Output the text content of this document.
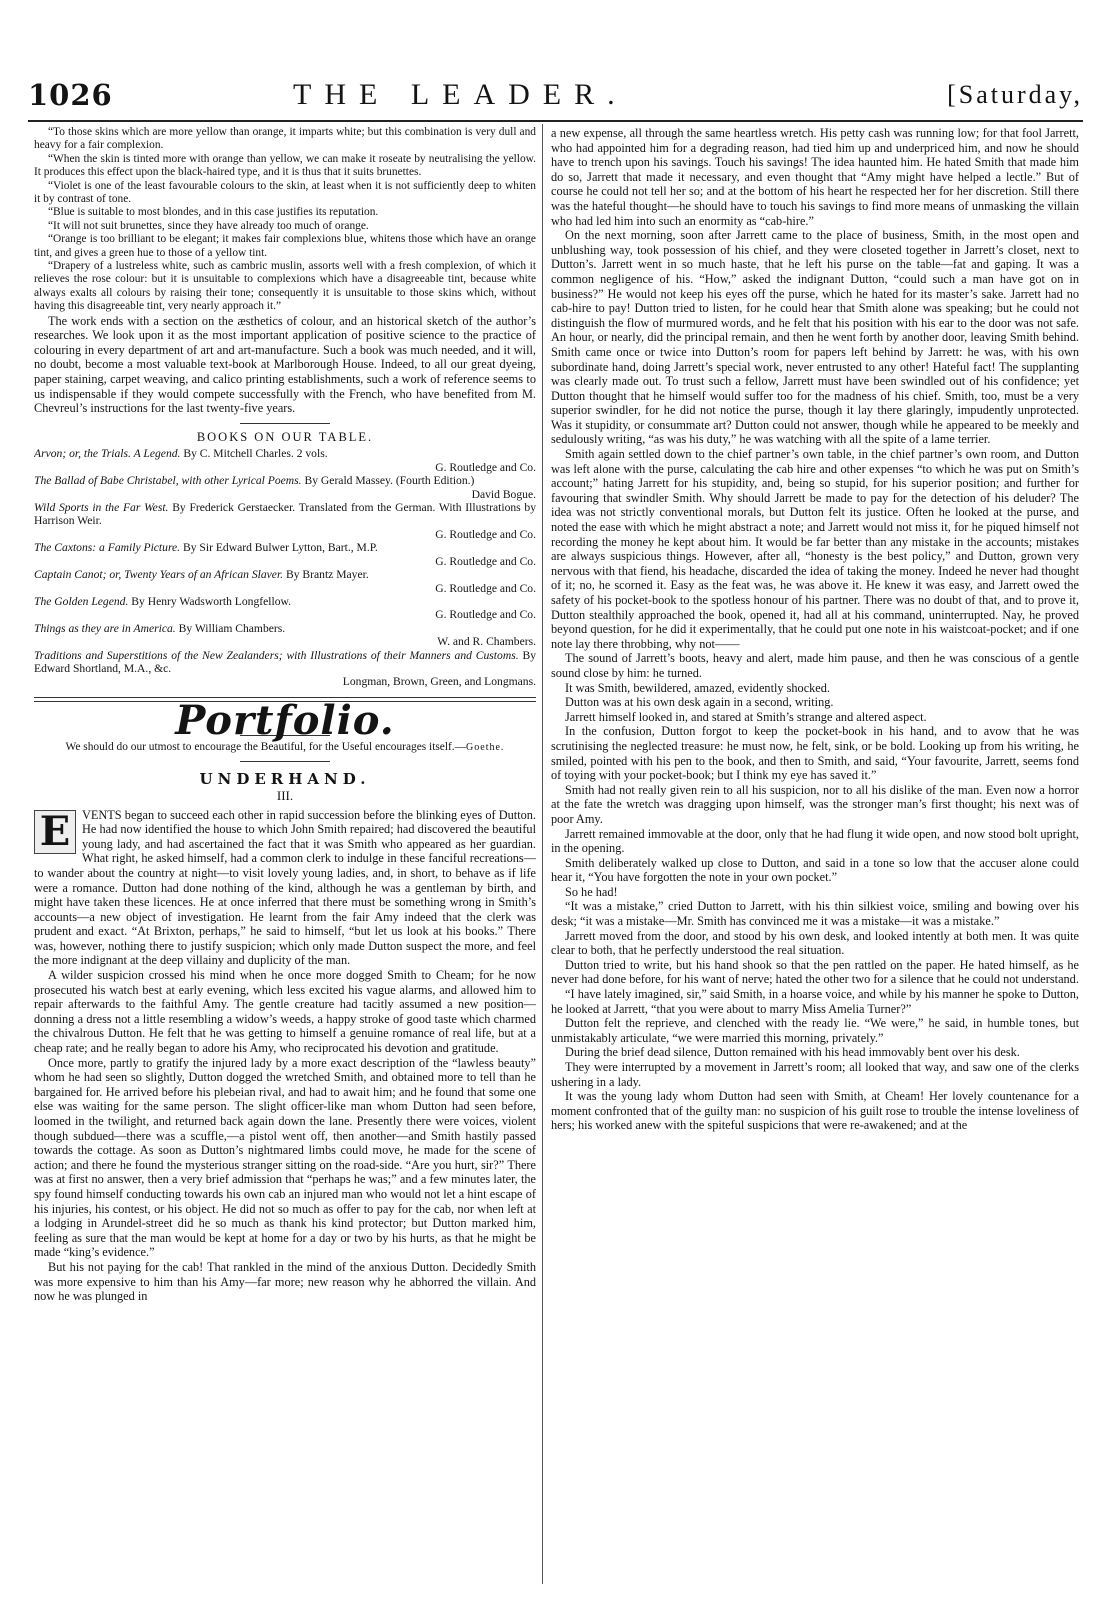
1026	THE LEADER.	[Saturday,

“To those skins which are more yellow than orange, it imparts white; but this combination is very dull and heavy for a fair complexion.

“When the skin is tinted more with orange than yellow, we can make it roseate by neutralising the yellow. It produces this effect upon the black-haired type, and it is thus that it suits brunettes.

“Violet is one of the least favourable colours to the skin, at least when it is not sufficiently deep to whiten it by contrast of tone.

“Blue is suitable to most blondes, and in this case justifies its reputation.

“It will not suit brunettes, since they have already too much of orange.

“Orange is too brilliant to be elegant; it makes fair complexions blue, whitens those which have an orange tint, and gives a green hue to those of a yellow tint.

“Drapery of a lustreless white, such as cambric muslin, assorts well with a fresh complexion, of which it relieves the rose colour: but it is unsuitable to complexions which have a disagreeable tint, because white always exalts all colours by raising their tone; consequently it is unsuitable to those skins which, without having this disagreeable tint, very nearly approach it.”

The work ends with a section on the æsthetics of colour, and an historical sketch of the author’s researches. We look upon it as the most important application of positive science to the practice of colouring in every department of art and art-manufacture. Such a book was much needed, and it will, no doubt, become a most valuable text-book at Marlborough House. Indeed, to all our great dyeing, paper staining, carpet weaving, and calico printing establishments, such a work of reference seems to us indispensable if they would compete successfully with the French, who have benefited from M. Chevreul’s instructions for the last twenty-five years.

BOOKS ON OUR TABLE.

Arvon; or, the Trials. A Legend. By C. Mitchell Charles. 2 vols.
G. Routledge and Co.

The Ballad of Babe Christabel, with other Lyrical Poems. By Gerald Massey. (Fourth Edition.)
David Bogue.

Wild Sports in the Far West. By Frederick Gerstaecker. Translated from the German. With Illustrations by Harrison Weir.
G. Routledge and Co.

The Caxtons: a Family Picture. By Sir Edward Bulwer Lytton, Bart., M.P.
G. Routledge and Co.

Captain Canot; or, Twenty Years of an African Slaver. By Brantz Mayer.
G. Routledge and Co.

The Golden Legend. By Henry Wadsworth Longfellow.
G. Routledge and Co.

Things as they are in America. By William Chambers.
W. and R. Chambers.

Traditions and Superstitions of the New Zealanders; with Illustrations of their Manners and Customs. By Edward Shortland, M.A., &c.
Longman, Brown, Green, and Longmans.

Portfolio.
We should do our utmost to encourage the Beautiful, for the Useful encourages itself.—Goethe.
UNDERHAND.
III.

E VENTS began to succeed each other in rapid succession before the blinking eyes of Dutton. He had now identified the house to which John Smith repaired; had discovered the beautiful young lady, and had ascertained the fact that it was Smith who appeared as her guardian. What right, he asked himself, had a common clerk to indulge in these fanciful recreations—to wander about the country at night—to visit lovely young ladies, and, in short, to behave as if life were a romance. Dutton had done nothing of the kind, although he was a gentleman by birth, and might have taken these licences. He at once inferred that there must be something wrong in Smith’s accounts—a new object of investigation. He learnt from the fair Amy indeed that the clerk was prudent and exact. “At Brixton, perhaps,” he said to himself, “but let us look at his books.” There was, however, nothing there to justify suspicion; which only made Dutton suspect the more, and feel the more indignant at the deep villainy and duplicity of the man.

A wilder suspicion crossed his mind when he once more dogged Smith to Cheam; for he now prosecuted his watch best at early evening, which less excited his vague alarms, and allowed him to repair afterwards to the faithful Amy. The gentle creature had tacitly assumed a new position—donning a dress not a little resembling a widow’s weeds, a happy stroke of good taste which charmed the chivalrous Dutton. He felt that he was getting to himself a genuine romance of real life, but at a cheap rate; and he really began to adore his Amy, who reciprocated his devotion and gratitude.

Once more, partly to gratify the injured lady by a more exact description of the “lawless beauty” whom he had seen so slightly, Dutton dogged the wretched Smith, and obtained more to tell than he bargained for. He arrived before his plebeian rival, and had to await him; and he found that some one else was waiting for the same person. The slight officer-like man whom Dutton had seen before, loomed in the twilight, and returned back again down the lane. Presently there were voices, violent though subdued—there was a scuffle,—a pistol went off, then another—and Smith hastily passed towards the cottage. As soon as Dutton’s nightmared limbs could move, he made for the scene of action; and there he found the mysterious stranger sitting on the road-side. “Are you hurt, sir?” There was at first no answer, then a very brief admission that “perhaps he was;” and a few minutes later, the spy found himself conducting towards his own cab an injured man who would not let a hint escape of his injuries, his contest, or his object. He did not so much as offer to pay for the cab, nor when left at a lodging in Arundel-street did he so much as thank his kind protector; but Dutton marked him, feeling as sure that the man would be kept at home for a day or two by his hurts, as that he might be made “king’s evidence.”

But his not paying for the cab! That rankled in the mind of the anxious Dutton. Decidedly Smith was more expensive to him than his Amy—far more; new reason why he abhorred the villain. And now he was plunged in

a new expense, all through the same heartless wretch. His petty cash was running low; for that fool Jarrett, who had appointed him for a degrading reason, had tied him up and underpriced him, and now he should have to trench upon his savings. Touch his savings! The idea haunted him. He hated Smith that made him do so, Jarrett that made it necessary, and even thought that “Amy might have helped a lectle.” But of course he could not tell her so; and at the bottom of his heart he respected her for her discretion. Still there was the hateful thought—he should have to touch his savings to find more means of unmasking the villain who had led him into such an enormity as “cab-hire.”

On the next morning, soon after Jarrett came to the place of business, Smith, in the most open and unblushing way, took possession of his chief, and they were closeted together in Jarrett’s closet, next to Dutton’s. Jarrett went in so much haste, that he left his purse on the table—fat and gaping. It was a common negligence of his. “How,” asked the indignant Dutton, “could such a man have got on in business?” He would not keep his eyes off the purse, which he hated for its master’s sake. Jarrett had no cab-hire to pay! Dutton tried to listen, for he could hear that Smith alone was speaking; but he could not distinguish the flow of murmured words, and he felt that his position with his ear to the door was not safe. An hour, or nearly, did the principal remain, and then he went forth by another door, leaving Smith behind. Smith came once or twice into Dutton’s room for papers left behind by Jarrett: he was, with his own subordinate hand, doing Jarrett’s special work, never entrusted to any other! Hateful fact! The supplanting was clearly made out. To trust such a fellow, Jarrett must have been swindled out of his confidence; yet Dutton thought that he himself would suffer too for the madness of his chief. Smith, too, must be a very superior swindler, for he did not notice the purse, though it lay there glaringly, impudently unprotected. Was it stupidity, or consummate art? Dutton could not answer, though while he appeared to be meekly and sedulously writing, “as was his duty,” he was watching with all the spite of a lame terrier.

Smith again settled down to the chief partner’s own table, in the chief partner’s own room, and Dutton was left alone with the purse, calculating the cab hire and other expenses “to which he was put on Smith’s account;” hating Jarrett for his stupidity, and, being so stupid, for his superior position; and further for favouring that swindler Smith. Why should Jarrett be made to pay for the detection of his deluder? The idea was not strictly conventional morals, but Dutton felt its justice. Often he looked at the purse, and noted the ease with which he might abstract a note; and Jarrett would not miss it, for he piqued himself not recording the money he kept about him. It would be far better than any mistake in the accounts; mistakes are always suspicious things. However, after all, “honesty is the best policy,” and Dutton, grown very nervous with that fiend, his headache, discarded the idea of taking the money. Indeed he never had thought of it; no, he scorned it. Easy as the feat was, he was above it. He knew it was easy, and Jarrett owed the safety of his pocket-book to the spotless honour of his partner. There was no doubt of that, and to prove it, Dutton stealthily approached the book, opened it, had all at his command, uninterrupted. Nay, he proved beyond question, for he did it experimentally, that he could put one note in his waistcoat-pocket; and if one note lay there throbbing, why not——

The sound of Jarrett’s boots, heavy and alert, made him pause, and then he was conscious of a gentle sound close by him: he turned.

It was Smith, bewildered, amazed, evidently shocked.

Dutton was at his own desk again in a second, writing.

Jarrett himself looked in, and stared at Smith’s strange and altered aspect.

In the confusion, Dutton forgot to keep the pocket-book in his hand, and to avow that he was scrutinising the neglected treasure: he must now, he felt, sink, or be bold. Looking up from his writing, he smiled, pointed with his pen to the book, and then to Smith, and said, “Your favourite, Jarrett, seems fond of toying with your pocket-book; but I think my eye has saved it.”

Smith had not really given rein to all his suspicion, nor to all his dislike of the man. Even now a horror at the fate the wretch was dragging upon himself, was the stronger man’s first thought; his next was of poor Amy.

Jarrett remained immovable at the door, only that he had flung it wide open, and now stood bolt upright, in the opening.

Smith deliberately walked up close to Dutton, and said in a tone so low that the accuser alone could hear it, “You have forgotten the note in your own pocket.”

So he had!

“It was a mistake,” cried Dutton to Jarrett, with his thin silkiest voice, smiling and bowing over his desk; “it was a mistake—Mr. Smith has convinced me it was a mistake—it was a mistake.”

Jarrett moved from the door, and stood by his own desk, and looked intently at both men. It was quite clear to both, that he perfectly understood the real situation.

Dutton tried to write, but his hand shook so that the pen rattled on the paper. He hated himself, as he never had done before, for his want of nerve; hated the other two for a silence that he could not understand.

“I have lately imagined, sir,” said Smith, in a hoarse voice, and while by his manner he spoke to Dutton, he looked at Jarrett, “that you were about to marry Miss Amelia Turner?”

Dutton felt the reprieve, and clenched with the ready lie. “We were,” he said, in humble tones, but unmistakably articulate, “we were married this morning, privately.”

During the brief dead silence, Dutton remained with his head immovably bent over his desk.

They were interrupted by a movement in Jarrett’s room; all looked that way, and saw one of the clerks ushering in a lady.

It was the young lady whom Dutton had seen with Smith, at Cheam! Her lovely countenance for a moment confronted that of the guilty man: no suspicion of his guilt rose to trouble the intense loveliness of hers; his worked anew with the spiteful suspicions that were re-awakened; and at the
